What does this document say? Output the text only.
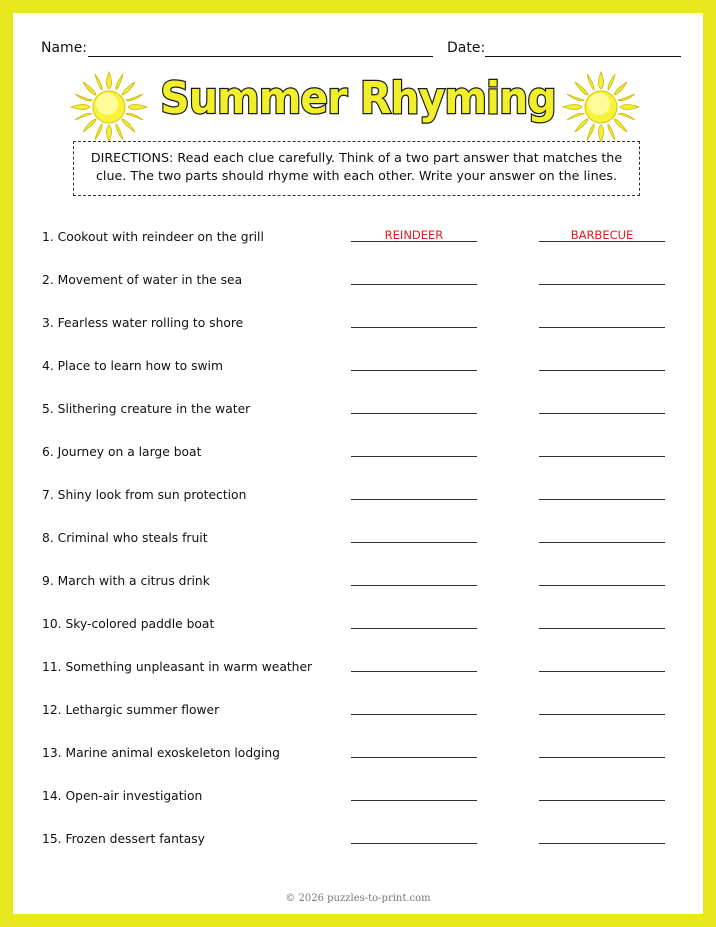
Name:	Date:
Summer Rhyming
DIRECTIONS: Read each clue carefully. Think of a two part answer that matches the clue. The two parts should rhyme with each other. Write your answer on the lines.
1. Cookout with reindeer on the grill	REINDEER	BARBECUE
2. Movement of water in the sea
3. Fearless water rolling to shore
4. Place to learn how to swim
5. Slithering creature in the water
6. Journey on a large boat
7. Shiny look from sun protection
8. Criminal who steals fruit
9. March with a citrus drink
10. Sky-colored paddle boat
11. Something unpleasant in warm weather
12. Lethargic summer flower
13. Marine animal exoskeleton lodging
14. Open-air investigation
15. Frozen dessert fantasy
© 2026 puzzles-to-print.com
